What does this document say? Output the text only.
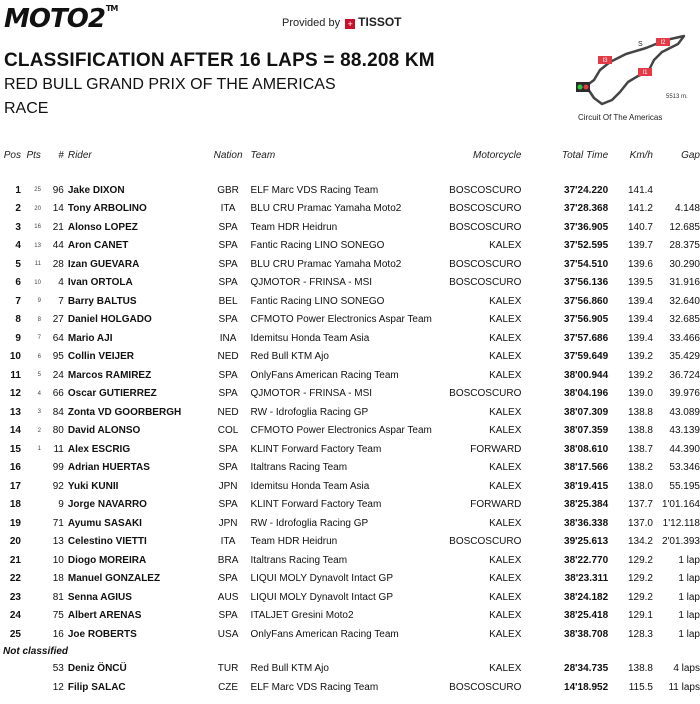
MOTO2™
Provided by + TISSOT
CLASSIFICATION AFTER 16 LAPS = 88.208 KM
RED BULL GRAND PRIX OF THE AMERICAS
RACE
I3
I2
I1
S
5513 m.
Circuit Of The Americas
Pos	Pts	#	Rider	Nation	Team	Motorcycle	Total Time	Km/h	Gap

1	25	96	Jake DIXON	GBR	ELF Marc VDS Racing Team	BOSCOSCURO	37'24.220	141.4	
2	20	14	Tony ARBOLINO	ITA	BLU CRU Pramac Yamaha Moto2	BOSCOSCURO	37'28.368	141.2	4.148
3	16	21	Alonso LOPEZ	SPA	Team HDR Heidrun	BOSCOSCURO	37'36.905	140.7	12.685
4	13	44	Aron CANET	SPA	Fantic Racing LINO SONEGO	KALEX	37'52.595	139.7	28.375
5	11	28	Izan GUEVARA	SPA	BLU CRU Pramac Yamaha Moto2	BOSCOSCURO	37'54.510	139.6	30.290
6	10	4	Ivan ORTOLA	SPA	QJMOTOR - FRINSA - MSI	BOSCOSCURO	37'56.136	139.5	31.916
7	9	7	Barry BALTUS	BEL	Fantic Racing LINO SONEGO	KALEX	37'56.860	139.4	32.640
8	8	27	Daniel HOLGADO	SPA	CFMOTO Power Electronics Aspar Team	KALEX	37'56.905	139.4	32.685
9	7	64	Mario AJI	INA	Idemitsu Honda Team Asia	KALEX	37'57.686	139.4	33.466
10	6	95	Collin VEIJER	NED	Red Bull KTM Ajo	KALEX	37'59.649	139.2	35.429
11	5	24	Marcos RAMIREZ	SPA	OnlyFans American Racing Team	KALEX	38'00.944	139.2	36.724
12	4	66	Oscar GUTIERREZ	SPA	QJMOTOR - FRINSA - MSI	BOSCOSCURO	38'04.196	139.0	39.976
13	3	84	Zonta VD GOORBERGH	NED	RW - Idrofoglia Racing GP	KALEX	38'07.309	138.8	43.089
14	2	80	David ALONSO	COL	CFMOTO Power Electronics Aspar Team	KALEX	38'07.359	138.8	43.139
15	1	11	Alex ESCRIG	SPA	KLINT Forward Factory Team	FORWARD	38'08.610	138.7	44.390
16		99	Adrian HUERTAS	SPA	Italtrans Racing Team	KALEX	38'17.566	138.2	53.346
17		92	Yuki KUNII	JPN	Idemitsu Honda Team Asia	KALEX	38'19.415	138.0	55.195
18		9	Jorge NAVARRO	SPA	KLINT Forward Factory Team	FORWARD	38'25.384	137.7	1'01.164
19		71	Ayumu SASAKI	JPN	RW - Idrofoglia Racing GP	KALEX	38'36.338	137.0	1'12.118
20		13	Celestino VIETTI	ITA	Team HDR Heidrun	BOSCOSCURO	39'25.613	134.2	2'01.393
21		10	Diogo MOREIRA	BRA	Italtrans Racing Team	KALEX	38'22.770	129.2	1 lap
22		18	Manuel GONZALEZ	SPA	LIQUI MOLY Dynavolt Intact GP	KALEX	38'23.311	129.2	1 lap
23		81	Senna AGIUS	AUS	LIQUI MOLY Dynavolt Intact GP	KALEX	38'24.182	129.2	1 lap
24		75	Albert ARENAS	SPA	ITALJET Gresini Moto2	KALEX	38'25.418	129.1	1 lap
25		16	Joe ROBERTS	USA	OnlyFans American Racing Team	KALEX	38'38.708	128.3	1 lap
Not classified									
		53	Deniz ÖNCÜ	TUR	Red Bull KTM Ajo	KALEX	28'34.735	138.8	4 laps
		12	Filip SALAC	CZE	ELF Marc VDS Racing Team	BOSCOSCURO	14'18.952	115.5	11 laps
